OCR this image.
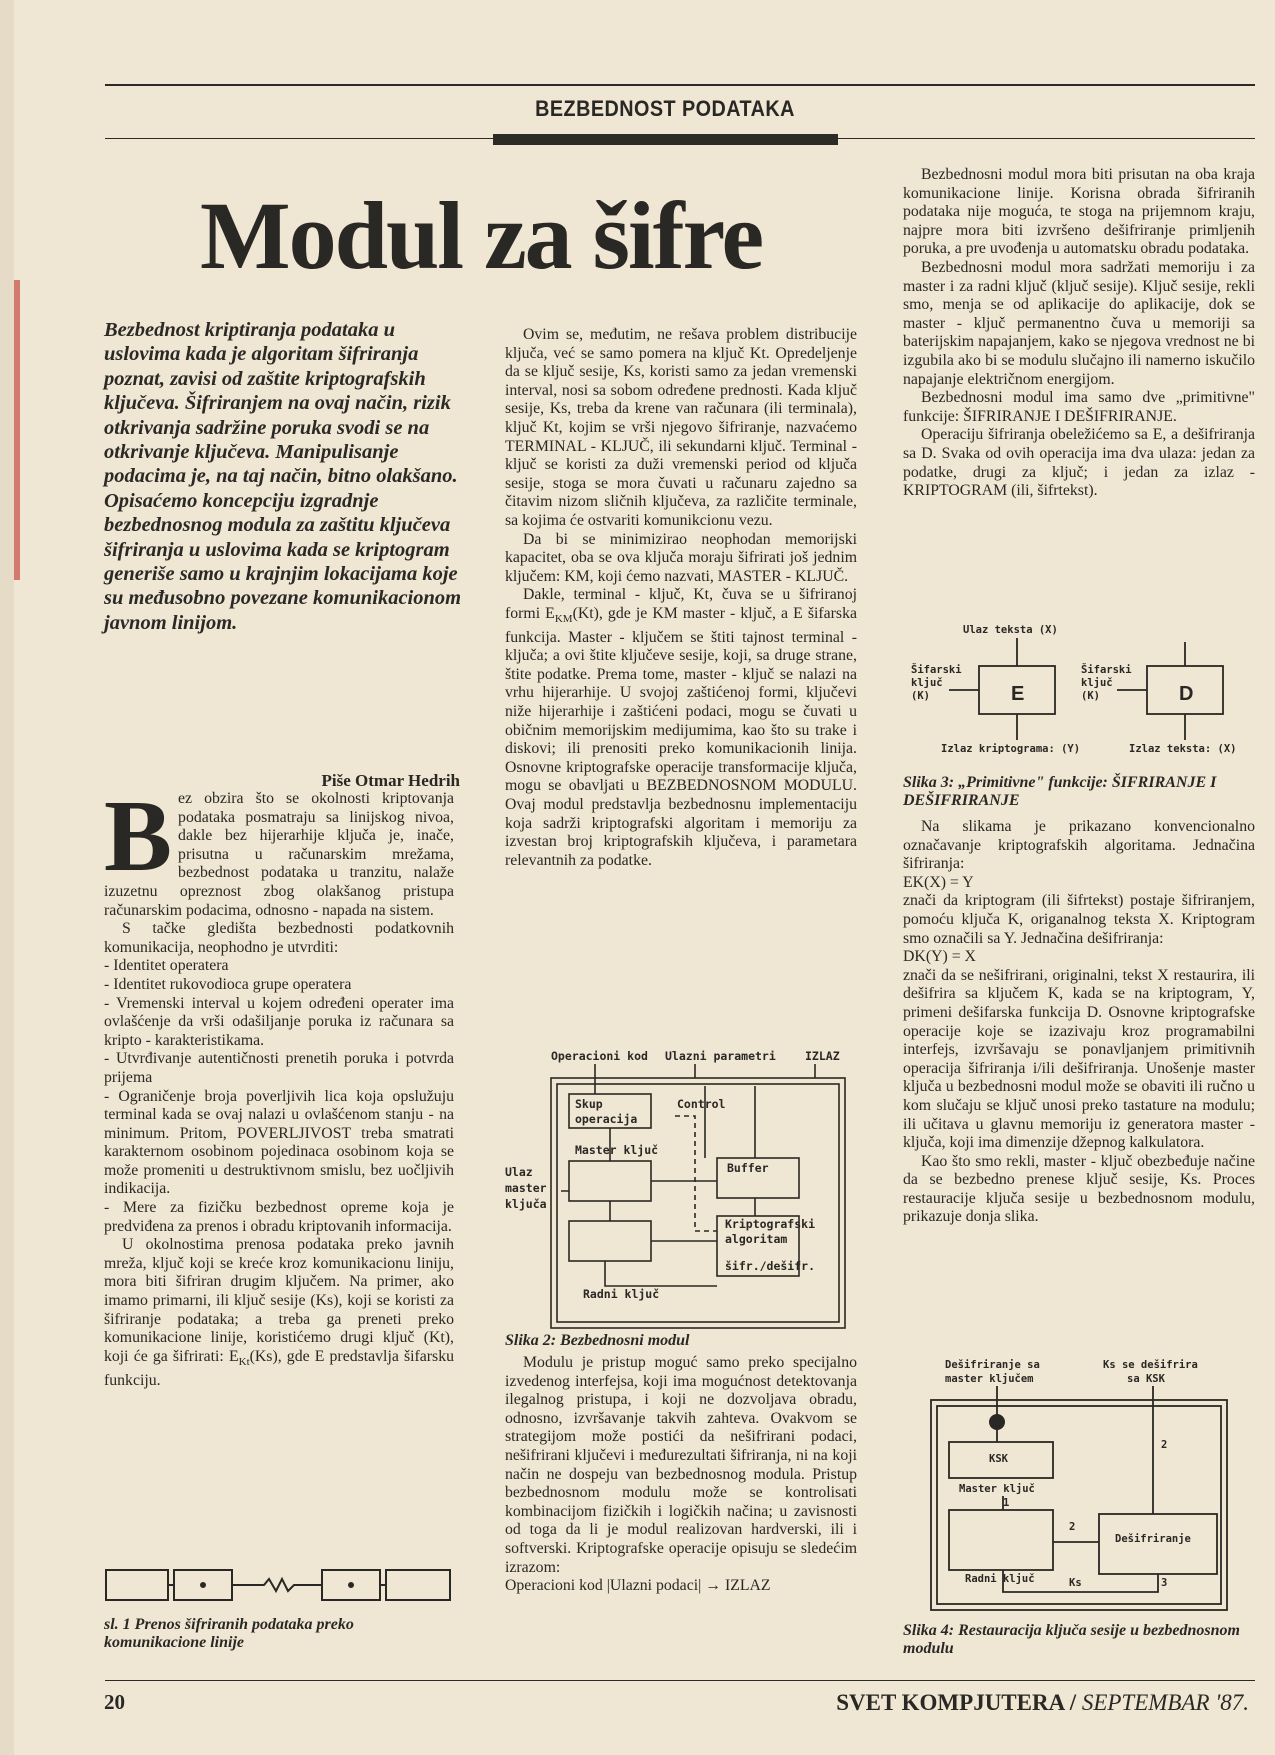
BEZBEDNOST PODATAKA
Modul za šifre

Bezbednost kriptiranja podataka u uslovima kada je algoritam šifriranja poznat, zavisi od zaštite kriptografskih ključeva. Šifriranjem na ovaj način, rizik otkrivanja sadržine poruka svodi se na otkrivanje ključeva. Manipulisanje podacima je, na taj način, bitno olakšano. Opisaćemo koncepciju izgradnje bezbednosnog modula za zaštitu ključeva šifriranja u uslovima kada se kriptogram generiše samo u krajnjim lokacijama koje su međusobno povezane komunikacionom javnom linijom.

Piše Otmar Hedrih

Bez obzira što se okolnosti kriptovanja podataka posmatraju sa linijskog nivoa, dakle bez hijerarhije ključa je, inače, prisutna u računarskim mrežama, bezbednost podataka u tranzitu, nalaže izuzetnu opreznost zbog olakšanog pristupa računarskim podacima, odnosno - napada na sistem.

S tačke gledišta bezbednosti podatkovnih komunikacija, neophodno je utvrditi:

- Identitet operatera

- Identitet rukovodioca grupe operatera

- Vremenski interval u kojem određeni operater ima ovlašćenje da vrši odašiljanje poruka iz računara sa kripto - karakteristikama.

- Utvrđivanje autentičnosti prenetih poruka i potvrda prijema

- Ograničenje broja poverljivih lica koja opslužuju terminal kada se ovaj nalazi u ovlašćenom stanju - na minimum. Pritom, POVERLJIVOST treba smatrati karakternom osobinom pojedinaca osobinom koja se može promeniti u destruktivnom smislu, bez uočljivih indikacija.

- Mere za fizičku bezbednost opreme koja je predviđena za prenos i obradu kriptovanih informacija.

U okolnostima prenosa podataka preko javnih mreža, ključ koji se kreće kroz komunikacionu liniju, mora biti šifriran drugim ključem. Na primer, ako imamo primarni, ili ključ sesije (Ks), koji se koristi za šifriranje podataka; a treba ga preneti preko komunikacione linije, koristićemo drugi ključ (Kt), koji će ga šifrirati: $E_{Kt}(Ks)$, gde E predstavlja šifarsku funkciju.

sl. 1 Prenos šifriranih podataka preko komunikacione linije

Ovim se, međutim, ne rešava problem distribucije ključa, već se samo pomera na ključ Kt. Opredeljenje da se ključ sesije, Ks, koristi samo za jedan vremenski interval, nosi sa sobom određene prednosti. Kada ključ sesije, Ks, treba da krene van računara (ili terminala), ključ Kt, kojim se vrši njegovo šifriranje, nazvaćemo TERMINAL - KLJUČ, ili sekundarni ključ. Terminal - ključ se koristi za duži vremenski period od ključa sesije, stoga se mora čuvati u računaru zajedno sa čitavim nizom sličnih ključeva, za različite terminale, sa kojima će ostvariti komunikcionu vezu.

Da bi se minimizirao neophodan memorijski kapacitet, oba se ova ključa moraju šifrirati još jednim ključem: KM, koji ćemo nazvati, MASTER - KLJUČ.

Dakle, terminal - ključ, Kt, čuva se u šifriranoj formi $E_{KM}(Kt)$, gde je KM master - ključ, a E šifarska funkcija. Master - ključem se štiti tajnost terminal - ključa; a ovi štite ključeve sesije, koji, sa druge strane, štite podatke. Prema tome, master - ključ se nalazi na vrhu hijerarhije. U svojoj zaštićenoj formi, ključevi niže hijerarhije i zaštićeni podaci, mogu se čuvati u običnim memorijskim medijumima, kao što su trake i diskovi; ili prenositi preko komunikacionih linija. Osnovne kriptografske operacije transformacije ključa, mogu se obavljati u BEZBEDNOSNOM MODULU. Ovaj modul predstavlja bezbednosnu implementaciju koja sadrži kriptografski algoritam i memoriju za izvestan broj kriptografskih ključeva, i parametara relevantnih za podatke.

Operacioni kod Ulazni parametri	IZLAZ
Skup
operacija
Control
Master ključ
Buffer
Ulaz
master
ključa
Kriptografski
algoritam
šifr./dešifr.
Radni ključ
Slika 2: Bezbednosni modul

Modulu je pristup moguć samo preko specijalno izvedenog interfejsa, koji ima mogućnost detektovanja ilegalnog pristupa, i koji ne dozvoljava obradu, odnosno, izvršavanje takvih zahteva. Ovakvom se strategijom može postići da nešifrirani podaci, nešifrirani ključevi i međurezultati šifriranja, ni na koji način ne dospeju van bezbednosnog modula. Pristup bezbednosnom modulu može se kontrolisati kombinacijom fizičkih i logičkih načina; u zavisnosti od toga da li je modul realizovan hardverski, ili i softverski. Kriptografske operacije opisuju se sledećim izrazom:

Operacioni kod |Ulazni podaci| → IZLAZ

Bezbednosni modul mora biti prisutan na oba kraja komunikacione linije. Korisna obrada šifriranih podataka nije moguća, te stoga na prijemnom kraju, najpre mora biti izvršeno dešifriranje primljenih poruka, a pre uvođenja u automatsku obradu podataka.

Bezbednosni modul mora sadržati memoriju i za master i za radni ključ (ključ sesije). Ključ sesije, rekli smo, menja se od aplikacije do aplikacije, dok se master - ključ permanentno čuva u memoriji sa baterijskim napajanjem, kako se njegova vrednost ne bi izgubila ako bi se modulu slučajno ili namerno iskučilo napajanje električnom energijom.

Bezbednosni modul ima samo dve „primitivne" funkcije: ŠIFRIRANJE I DEŠIFRIRANJE.

Operaciju šifriranja obeležićemo sa E, a dešifriranja sa D. Svaka od ovih operacija ima dva ulaza: jedan za podatke, drugi za ključ; i jedan za izlaz - KRIPTOGRAM (ili, šifrtekst).

Ulaz teksta (X)
Šifarski
ključ
(K)
Šifarski
ključ
(K)
Izlaz kriptograma: (Y)	Izlaz teksta: (X)
E	D
Slika 3: „Primitivne" funkcije: ŠIFRIRANJE I DEŠIFRIRANJE

Na slikama je prikazano konvencionalno označavanje kriptografskih algoritama. Jednačina šifriranja:

EK(X) = Y

znači da kriptogram (ili šifrtekst) postaje šifriranjem, pomoću ključa K, origanalnog teksta X. Kriptogram smo označili sa Y. Jednačina dešifriranja:

DK(Y) = X

znači da se nešifrirani, originalni, tekst X restaurira, ili dešifrira sa ključem K, kada se na kriptogram, Y, primeni dešifarska funkcija D. Osnovne kriptografske operacije koje se izazivaju kroz programabilni interfejs, izvršavaju se ponavljanjem primitivnih operacija šifriranja i/ili dešifriranja. Unošenje master ključa u bezbednosni modul može se obaviti ili ručno u kom slučaju se ključ unosi preko tastature na modulu; ili učitava u glavnu memoriju iz generatora master - ključa, koji ima dimenzije džepnog kalkulatora.

Kao što smo rekli, master - ključ obezbeđuje načine da se bezbedno prenese ključ sesije, Ks. Proces restauracije ključa sesije u bezbednosnom modulu, prikazuje donja slika.

Dešifriranje sa
master ključem
Ks se dešifrira
sa KSK
KSK
Master ključ
1
2
2
Dešifriranje
Radni ključ	Ks	3
Slika 4: Restauracija ključa sesije u bezbednosnom modulu
20	SVET KOMPJUTERA / SEPTEMBAR '87.
